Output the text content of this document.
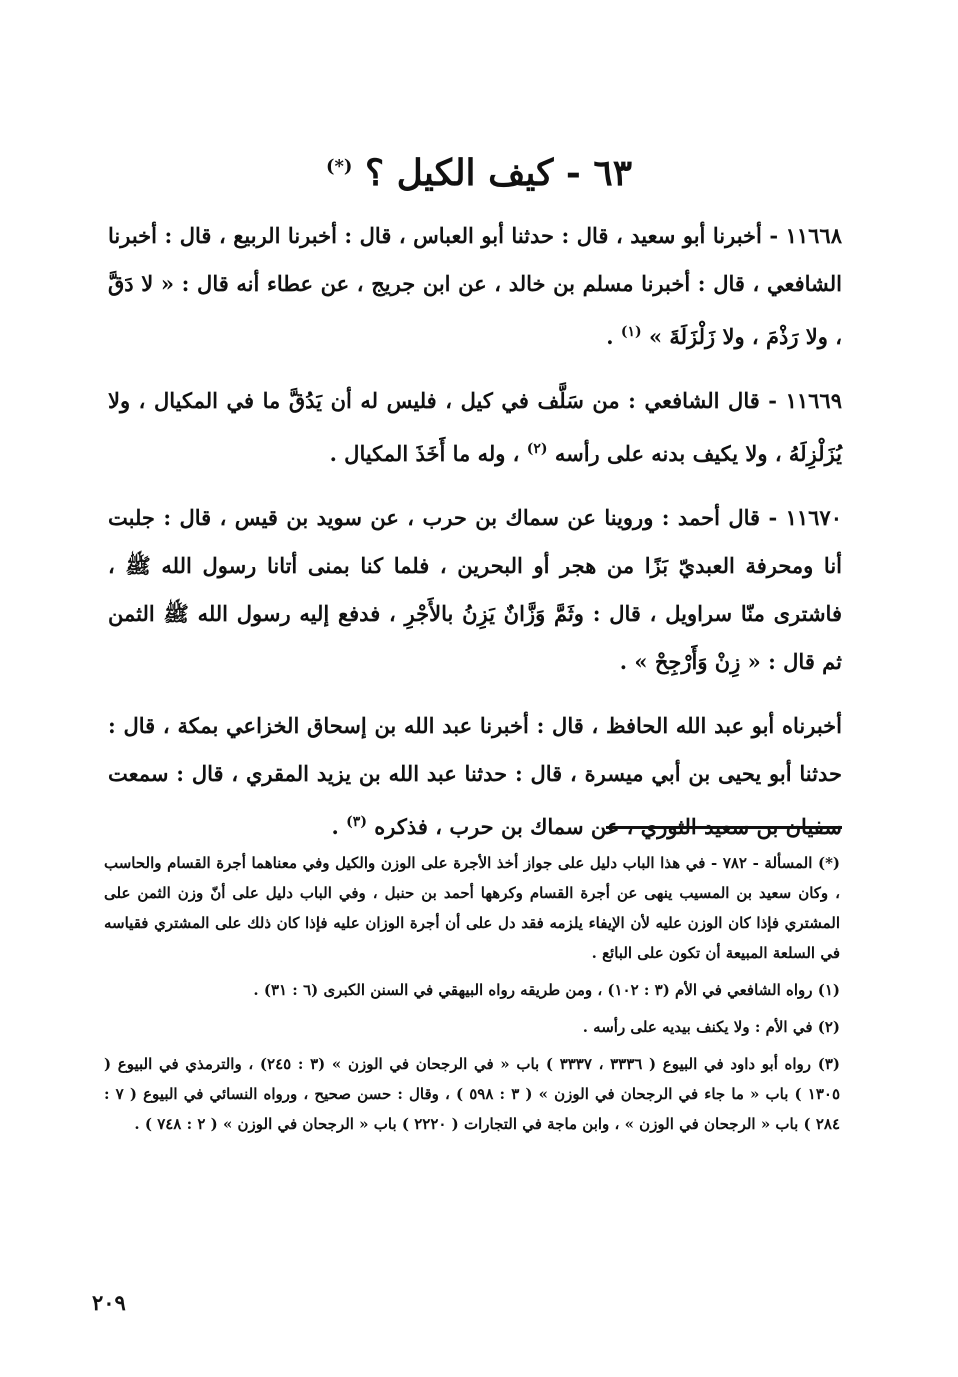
٦٣ - كيف الكيل ؟ (*)

١١٦٦٨ - أخبرنا أبو سعيد ، قال : حدثنا أبو العباس ، قال : أخبرنا الربيع ، قال : أخبرنا الشافعي ، قال : أخبرنا مسلم بن خالد ، عن ابن جريج ، عن عطاء أنه قال : « لا دَقَّ ، ولا رَذْمَ ، ولا زَلْزَلَةَ » $^{(١)}$ .

١١٦٦٩ - قال الشافعي : من سَلَّف في كيل ، فليس له أن يَدُقَّ ما في المكيال ، ولا يُزَلْزِلَهُ ، ولا يكيف بدنه على رأسه $^{(٢)}$ ، وله ما أَخَذَ المكيال .

١١٦٧٠ - قال أحمد : وروينا عن سماك بن حرب ، عن سويد بن قيس ، قال : جلبت أنا ومحرفة العبديّ بَزًا من هجر أو البحرين ، فلما كنا بمنى أتانا رسول الله ﷺ ، فاشترى منّا سراويل ، قال : وثَمَّ وَزَّانٌ يَزِنُ بالأَجْرِ ، فدفع إليه رسول الله ﷺ الثمن ثم قال : « زِنْ وَأَرْجِحْ » .

أخبرناه أبو عبد الله الحافظ ، قال : أخبرنا عبد الله بن إسحاق الخزاعي بمكة ، قال : حدثنا أبو يحيى بن أبي ميسرة ، قال : حدثنا عبد الله بن يزيد المقري ، قال : سمعت سفيان بن سعيد الثوري ، عن سماك بن حرب ، فذكره $^{(٣)}$ .

(*) المسألة - ٧٨٢ - في هذا الباب دليل على جواز أخذ الأجرة على الوزن والكيل وفي معناهما أجرة القسام والحاسب ، وكان سعيد بن المسيب ينهى عن أجرة القسام وكرهها أحمد بن حنبل ، وفي الباب دليل على أنّ وزن الثمن على المشتري فإذا كان الوزن عليه لأن الإيفاء يلزمه فقد دل على أن أجرة الوزان عليه فإذا كان ذلك على المشتري فقياسه في السلعة المبيعة أن تكون على البائع .

(١) رواه الشافعي في الأم (٣ : ١٠٢) ، ومن طريقه رواه البيهقي في السنن الكبرى (٦ : ٣١) .

(٢) في الأم : ولا يكنف بيديه على رأسه .

(٣) رواه أبو داود في البيوع ( ٣٣٣٦ ، ٣٣٣٧ ) باب « في الرجحان في الوزن » (٣ : ٢٤٥) ، والترمذي في البيوع ( ١٣٠٥ ) باب « ما جاء في الرجحان في الوزن » ( ٣ : ٥٩٨ ) ، وقال : حسن صحيح ، ورواه النسائي في البيوع ( ٧ : ٢٨٤ ) باب « الرجحان في الوزن » ، وابن ماجة في التجارات ( ٢٢٢٠ ) باب « الرجحان في الوزن » ( ٢ : ٧٤٨ ) .

٢٠٩
